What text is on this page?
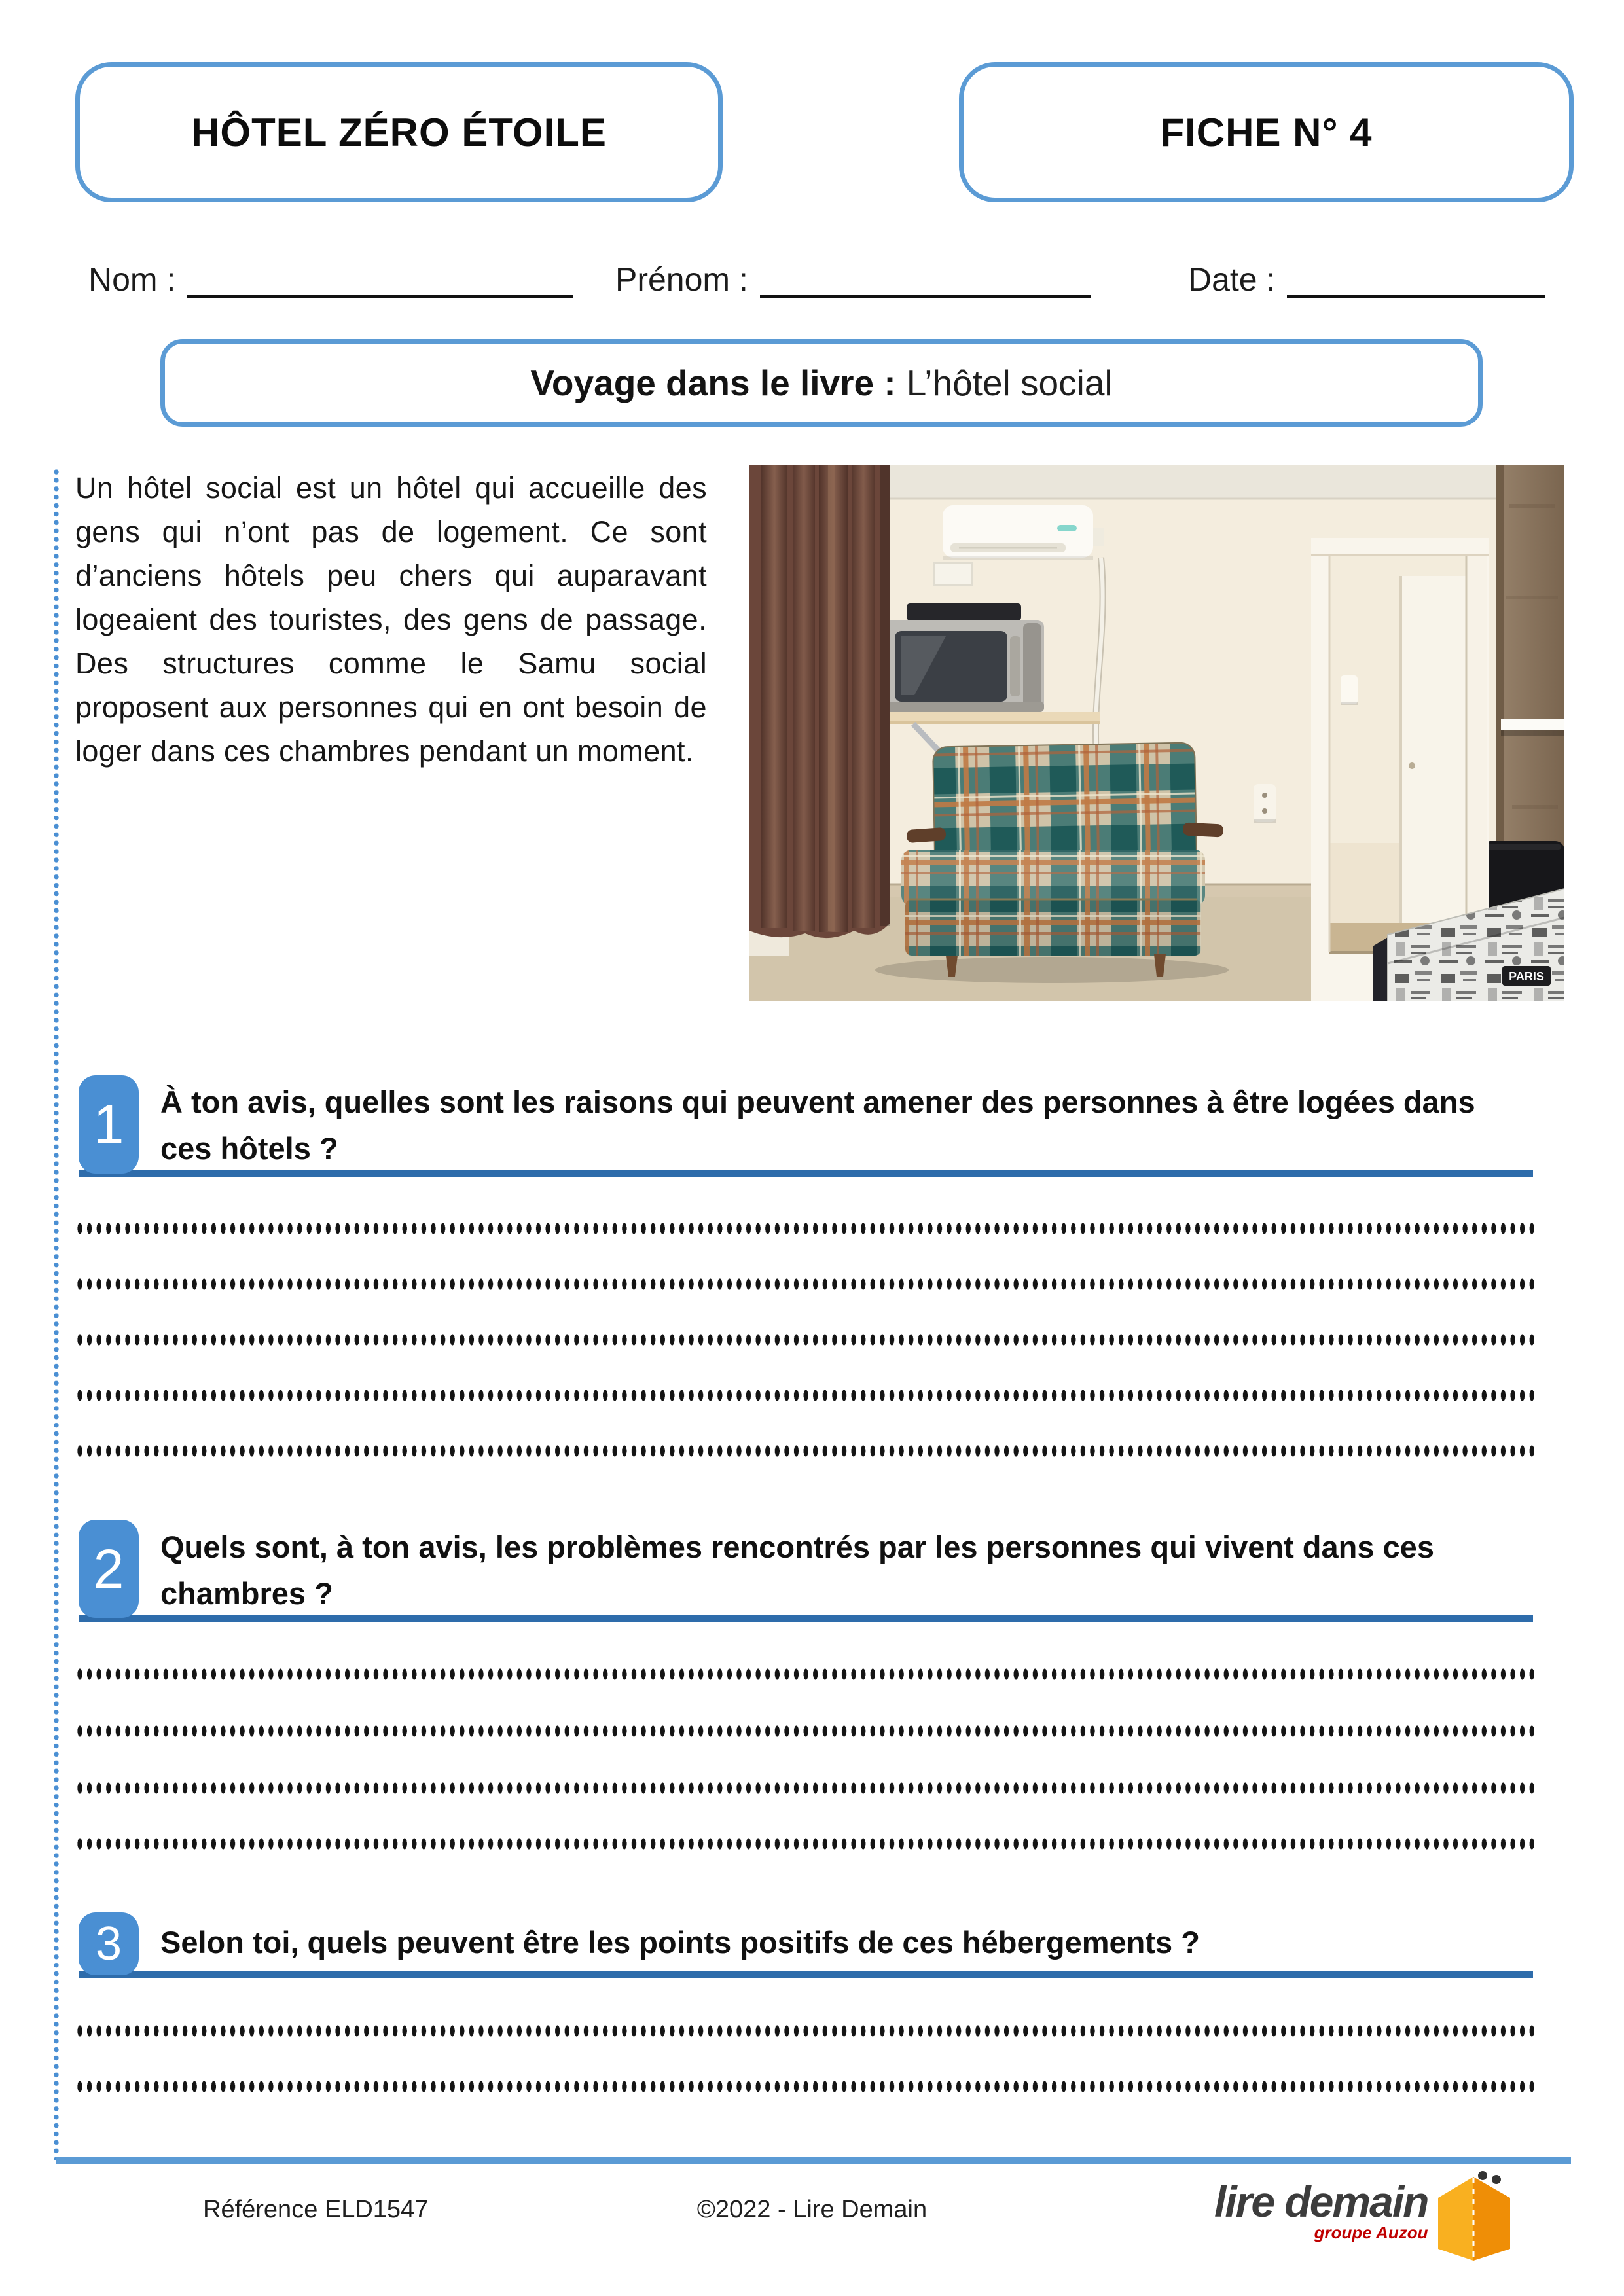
HÔTEL ZÉRO ÉTOILE	FICHE N° 4
Nom :	Prénom :	Date :
Voyage dans le livre : L’hôtel social
Un hôtel social est un hôtel qui accueille des gens qui n’ont pas de logement. Ce sont d’anciens hôtels peu chers qui auparavant logeaient des touristes, des gens de passage. Des structures comme le Samu social proposent aux personnes qui en ont besoin de loger dans ces chambres pendant un moment.
PARIS
1 À ton avis, quelles sont les raisons qui peuvent amener des personnes à être logées dans ces hôtels ?
2 Quels sont, à ton avis, les problèmes rencontrés par les personnes qui vivent dans ces chambres ?
3 Selon toi, quels peuvent être les points positifs de ces hébergements ?
Référence ELD1547	©2022 - Lire Demain	lire demain
groupe Auzou
